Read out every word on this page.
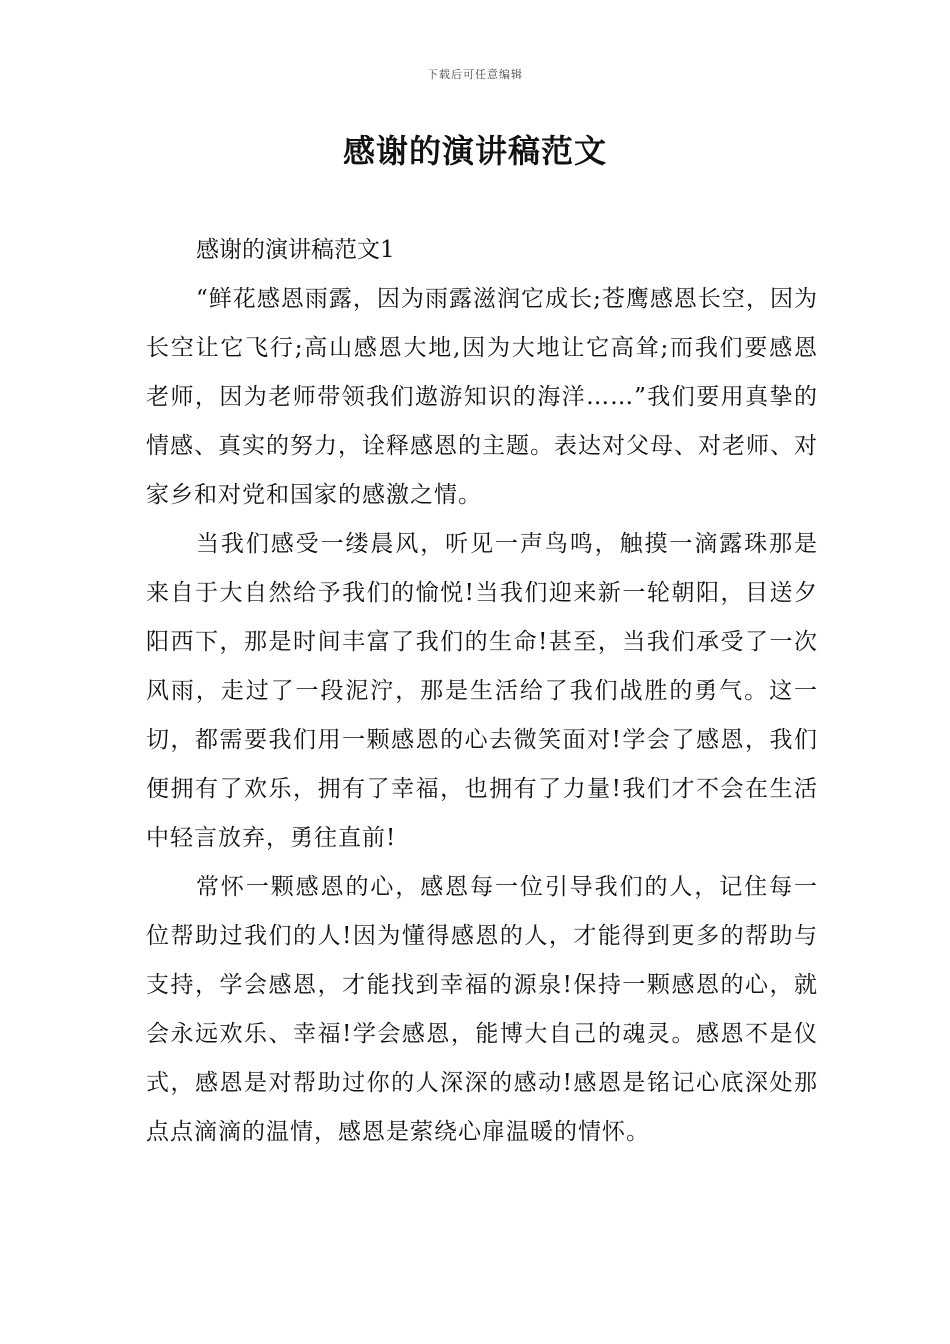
下载后可任意编辑
感谢的演讲稿范文

感谢的演讲稿范文1

“鲜花感恩雨露，因为雨露滋润它成长;苍鹰感恩长空，因为长空让它飞行;高山感恩大地,因为大地让它高耸;而我们要感恩老师，因为老师带领我们遨游知识的海洋……”我们要用真挚的情感、真实的努力，诠释感恩的主题。表达对父母、对老师、对家乡和对党和国家的感激之情。

当我们感受一缕晨风，听见一声鸟鸣，触摸一滴露珠那是来自于大自然给予我们的愉悦!当我们迎来新一轮朝阳，目送夕阳西下，那是时间丰富了我们的生命!甚至，当我们承受了一次风雨，走过了一段泥泞，那是生活给了我们战胜的勇气。这一切，都需要我们用一颗感恩的心去微笑面对!学会了感恩，我们便拥有了欢乐，拥有了幸福，也拥有了力量!我们才不会在生活中轻言放弃，勇往直前!

常怀一颗感恩的心，感恩每一位引导我们的人，记住每一位帮助过我们的人!因为懂得感恩的人，才能得到更多的帮助与支持，学会感恩，才能找到幸福的源泉!保持一颗感恩的心，就会永远欢乐、幸福!学会感恩，能博大自己的魂灵。感恩不是仪式，感恩是对帮助过你的人深深的感动!感恩是铭记心底深处那点点滴滴的温情，感恩是萦绕心扉温暖的情怀。
